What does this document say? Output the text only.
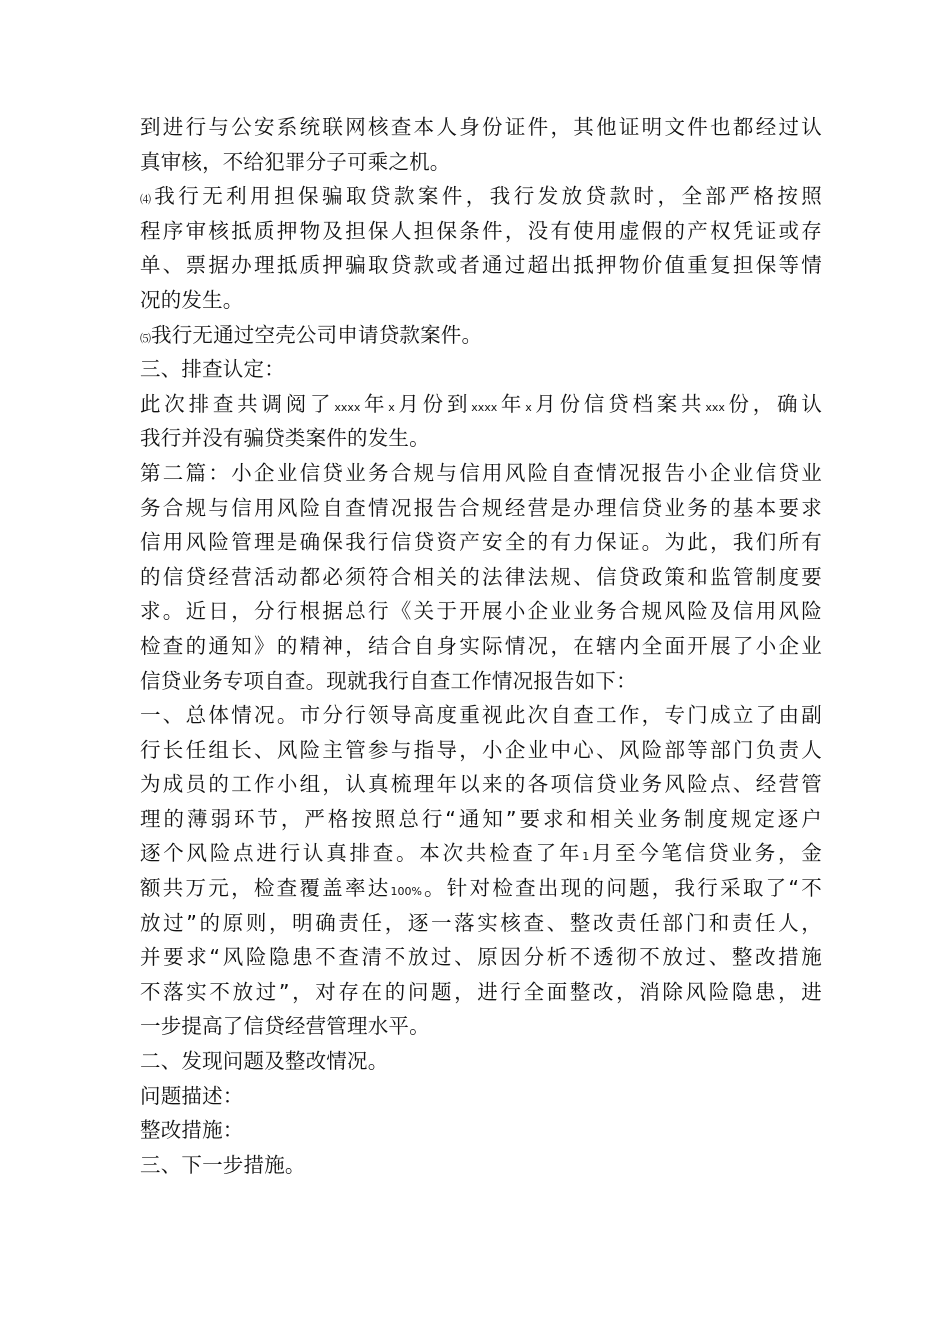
到进行与公安系统联网核查本人身份证件，其他证明文件也都经过认
真审核，不给犯罪分子可乘之机。
⑷我行无利用担保骗取贷款案件，我行发放贷款时，全部严格按照
程序审核抵质押物及担保人担保条件，没有使用虚假的产权凭证或存
单、票据办理抵质押骗取贷款或者通过超出抵押物价值重复担保等情
况的发生。
⑸我行无通过空壳公司申请贷款案件。
三、排查认定：
此次排查共调阅了xxxx年x月份到xxxx年x月份信贷档案共xxx份，确认
我行并没有骗贷类案件的发生。
第二篇：小企业信贷业务合规与信用风险自查情况报告小企业信贷业
务合规与信用风险自查情况报告合规经营是办理信贷业务的基本要求
信用风险管理是确保我行信贷资产安全的有力保证。为此，我们所有
的信贷经营活动都必须符合相关的法律法规、信贷政策和监管制度要
求。近日，分行根据总行《关于开展小企业业务合规风险及信用风险
检查的通知》的精神，结合自身实际情况，在辖内全面开展了小企业
信贷业务专项自查。现就我行自查工作情况报告如下：
一、总体情况。市分行领导高度重视此次自查工作，专门成立了由副
行长任组长、风险主管参与指导，小企业中心、风险部等部门负责人
为成员的工作小组，认真梳理年以来的各项信贷业务风险点、经营管
理的薄弱环节，严格按照总行“通知”要求和相关业务制度规定逐户
逐个风险点进行认真排查。本次共检查了年1月至今笔信贷业务，金
额共万元，检查覆盖率达100%。针对检查出现的问题，我行采取了“不
放过”的原则，明确责任，逐一落实核查、整改责任部门和责任人，
并要求“风险隐患不查清不放过、原因分析不透彻不放过、整改措施
不落实不放过”，对存在的问题，进行全面整改，消除风险隐患，进
一步提高了信贷经营管理水平。
二、发现问题及整改情况。
问题描述：
整改措施：
三、下一步措施。
